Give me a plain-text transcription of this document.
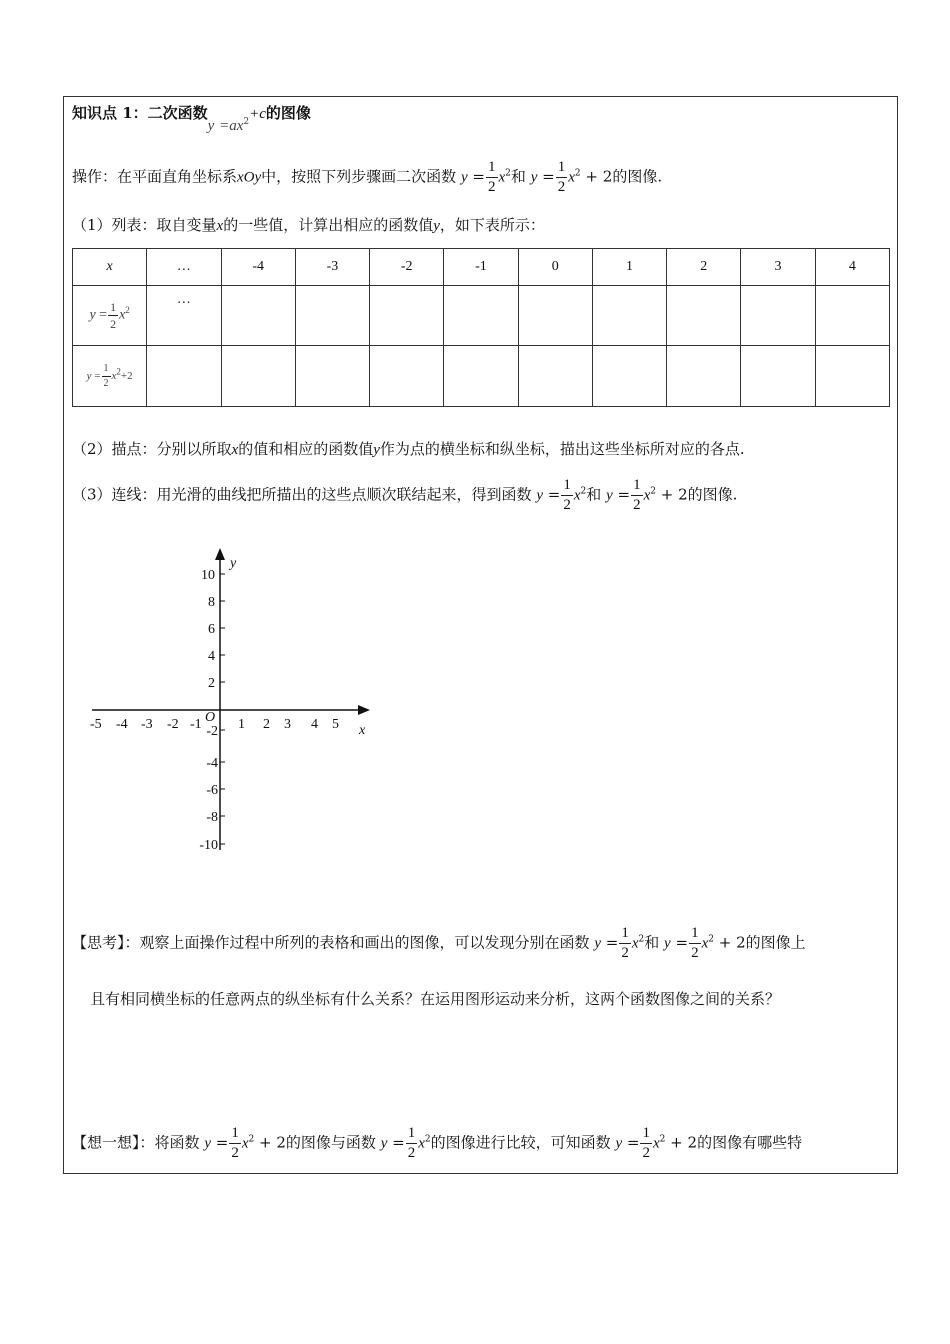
知识点 1：二次函数$y =ax^2+c$的图像
操作：在平面直角坐标系xOy中，按照下列步骤画二次函数 $y = \frac{1}{2} x^2$和 $y = \frac{1}{2} x^2 + 2$的图像.
（1）列表：取自变量x的一些值，计算出相应的函数值y，如下表所示：
x	…	-4	-3	-2	-1	0	1	2	3	4
$y = \frac{1}{2} x^2$	…									
$y = \frac{1}{2} x^2+2$										
（2）描点：分别以所取x的值和相应的函数值y作为点的横坐标和纵坐标，描出这些坐标所对应的各点.
（3）连线：用光滑的曲线把所描出的这些点顺次联结起来，得到函数 $y = \frac{1}{2} x^2$和 $y = \frac{1}{2} x^2 + 2$的图像.
-5 -4 -3 -2 -1	1 2 3 4 5
10
8
6
4
2
-2
-4
-6
-8
-10
x
y
O
【思考】：观察上面操作过程中所列的表格和画出的图像，可以发现分别在函数 $y = \frac{1}{2} x^2$和 $y = \frac{1}{2} x^2 + 2$的图像上
且有相同横坐标的任意两点的纵坐标有什么关系？在运用图形运动来分析，这两个函数图像之间的关系？
【想一想】：将函数 $y = \frac{1}{2} x^2 + 2$的图像与函数 $y = \frac{1}{2} x^2$的图像进行比较，可知函数 $y = \frac{1}{2} x^2 + 2$的图像有哪些特
